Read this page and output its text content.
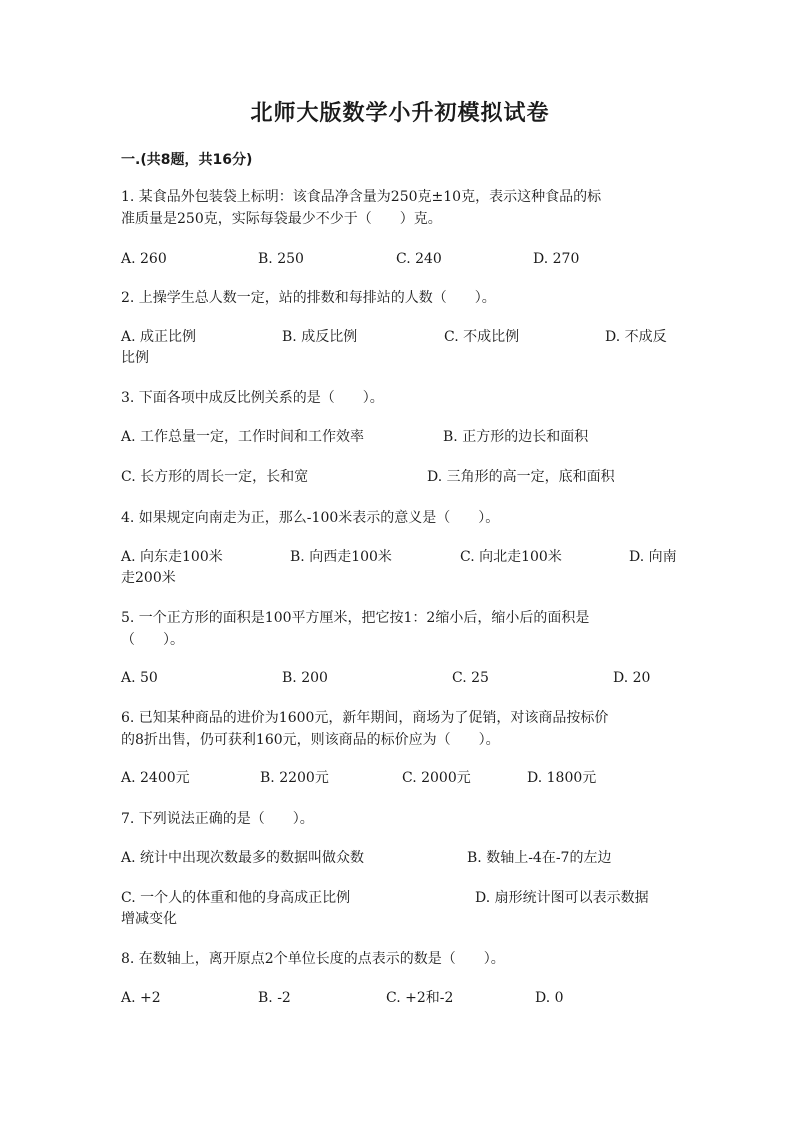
北师大版数学小升初模拟试卷
一.(共8题，共16分)
1. 某食品外包装袋上标明：该食品净含量为250克±10克，表示这种食品的标
准质量是250克，实际每袋最少不少于（　　）克。
A. 260	B. 250	C. 240	D. 270
2. 上操学生总人数一定，站的排数和每排站的人数（　　）。
A. 成正比例	B. 成反比例	C. 不成比例	D. 不成反
比例
3. 下面各项中成反比例关系的是（　　）。
A. 工作总量一定，工作时间和工作效率	B. 正方形的边长和面积
C. 长方形的周长一定，长和宽	D. 三角形的高一定，底和面积
4. 如果规定向南走为正，那么-100米表示的意义是（　　）。
A. 向东走100米	B. 向西走100米	C. 向北走100米	D. 向南
走200米
5. 一个正方形的面积是100平方厘米，把它按1：2缩小后，缩小后的面积是
（　　）。
A. 50	B. 200	C. 25	D. 20
6. 已知某种商品的进价为1600元，新年期间，商场为了促销，对该商品按标价
的8折出售，仍可获利160元，则该商品的标价应为（　　）。
A. 2400元	B. 2200元	C. 2000元	D. 1800元
7. 下列说法正确的是（　　）。
A. 统计中出现次数最多的数据叫做众数	B. 数轴上-4在-7的左边
C. 一个人的体重和他的身高成正比例	D. 扇形统计图可以表示数据
增减变化
8. 在数轴上，离开原点2个单位长度的点表示的数是（　　）。
A. +2	B. -2	C. +2和-2	D. 0
